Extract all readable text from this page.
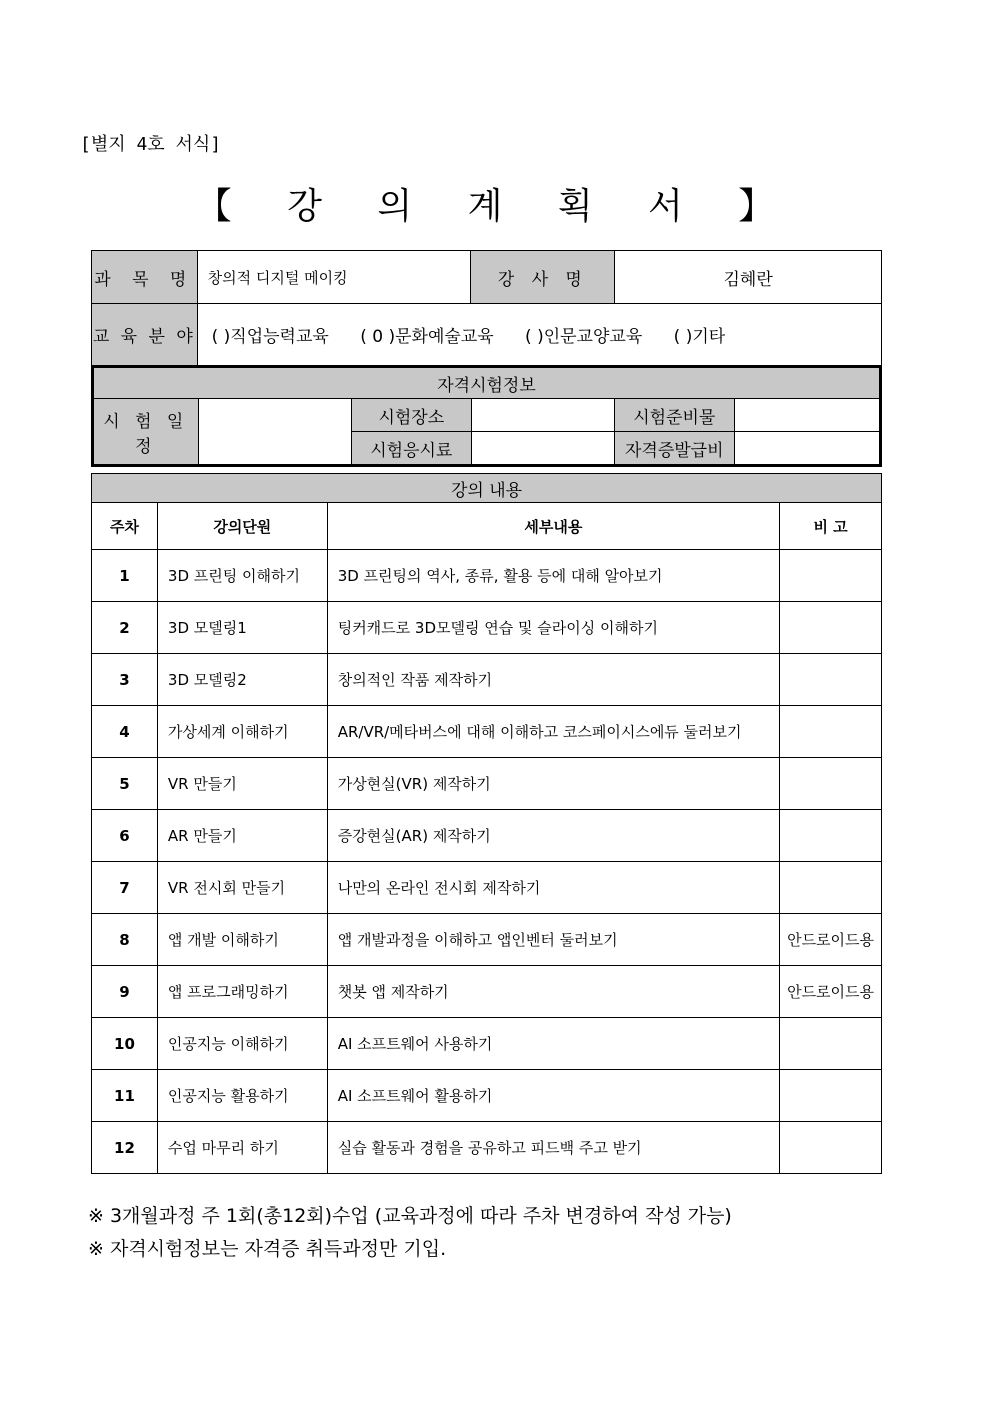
[별지 4호 서식]
【 강 의 계 획 서 】
과 목 명	창의적 디지털 메이킹	강 사 명	김혜란
교 육 분 야	( )직업능력교육 ( 0 )문화예술교육 ( )인문교양교육 ( )기타		
자격시험정보					
시 험 일 정		시험장소		시험준비물	
		시험응시료		자격증발급비	
강의 내용			
주차	강의단원	세부내용	비 고
1	3D 프린팅 이해하기	3D 프린팅의 역사, 종류, 활용 등에 대해 알아보기	
2	3D 모델링1	팅커캐드로 3D모델링 연습 및 슬라이싱 이해하기	
3	3D 모델링2	창의적인 작품 제작하기	
4	가상세계 이해하기	AR/VR/메타버스에 대해 이해하고 코스페이시스에듀 둘러보기	
5	VR 만들기	가상현실(VR) 제작하기	
6	AR 만들기	증강현실(AR) 제작하기	
7	VR 전시회 만들기	나만의 온라인 전시회 제작하기	
8	앱 개발 이해하기	앱 개발과정을 이해하고 앱인벤터 둘러보기	안드로이드용
9	앱 프로그래밍하기	챗봇 앱 제작하기	안드로이드용
10	인공지능 이해하기	AI 소프트웨어 사용하기	
11	인공지능 활용하기	AI 소프트웨어 활용하기	
12	수업 마무리 하기	실습 활동과 경험을 공유하고 피드백 주고 받기	
※ 3개월과정 주 1회(총12회)수업 (교육과정에 따라 주차 변경하여 작성 가능)
※ 자격시험정보는 자격증 취득과정만 기입.
